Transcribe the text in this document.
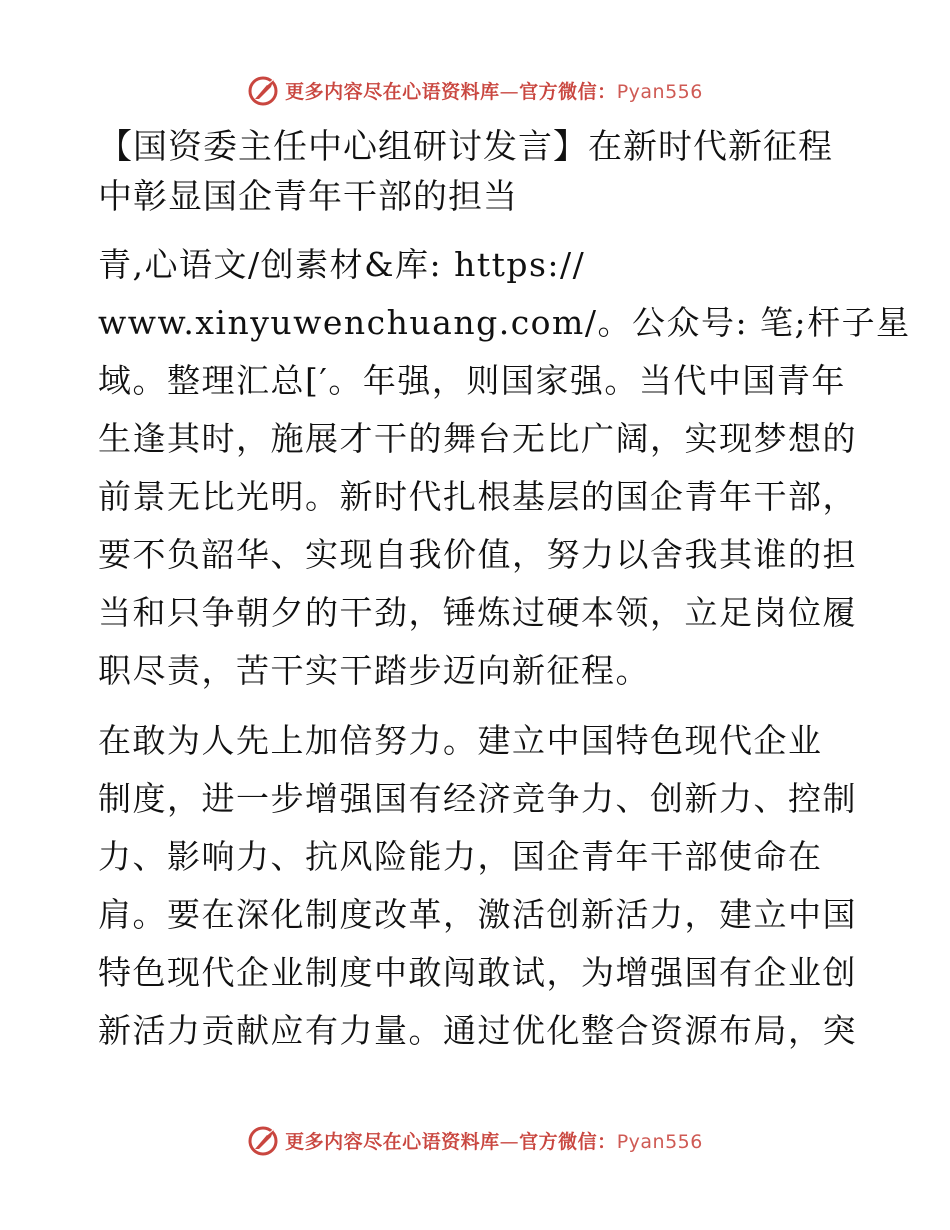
更多内容尽在心语资料库—官方微信：Pyan556
【国资委主任中心组研讨发言】在新时代新征程
中彰显国企青年干部的担当

青,心语文/创素材&库: https://
www.xinyuwenchuang.com/。公众号: 笔;杆子星
域。整理汇总[′。年强，则国家强。当代中国青年
生逢其时，施展才干的舞台无比广阔，实现梦想的
前景无比光明。新时代扎根基层的国企青年干部，
要不负韶华、实现自我价值，努力以舍我其谁的担
当和只争朝夕的干劲，锤炼过硬本领，立足岗位履
职尽责，苦干实干踏步迈向新征程。

在敢为人先上加倍努力。建立中国特色现代企业
制度，进一步增强国有经济竞争力、创新力、控制
力、影响力、抗风险能力，国企青年干部使命在
肩。要在深化制度改革，激活创新活力，建立中国
特色现代企业制度中敢闯敢试，为增强国有企业创
新活力贡献应有力量。通过优化整合资源布局，突

更多内容尽在心语资料库—官方微信：Pyan556
